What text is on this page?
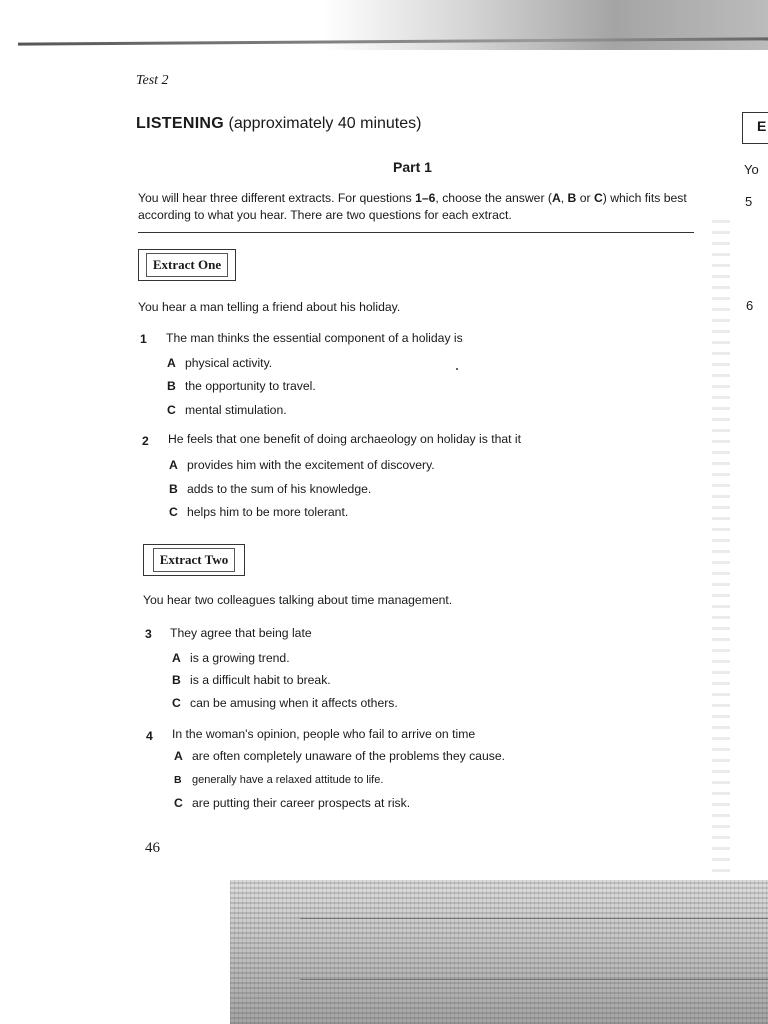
E
Yo
5
6
Test 2
LISTENING (approximately 40 minutes)
Part 1
You will hear three different extracts. For questions 1–6, choose the answer (A, B or C) which fits best according to what you hear. There are two questions for each extract.
Extract One
You hear a man telling a friend about his holiday.
1 The man thinks the essential component of a holiday is
A physical activity.
B the opportunity to travel.
C mental stimulation.
2 He feels that one benefit of doing archaeology on holiday is that it
A provides him with the excitement of discovery.
B adds to the sum of his knowledge.
C helps him to be more tolerant.
Extract Two
You hear two colleagues talking about time management.
3 They agree that being late
A is a growing trend.
B is a difficult habit to break.
C can be amusing when it affects others.
4 In the woman's opinion, people who fail to arrive on time
A are often completely unaware of the problems they cause.
B generally have a relaxed attitude to life.
C are putting their career prospects at risk.
46
